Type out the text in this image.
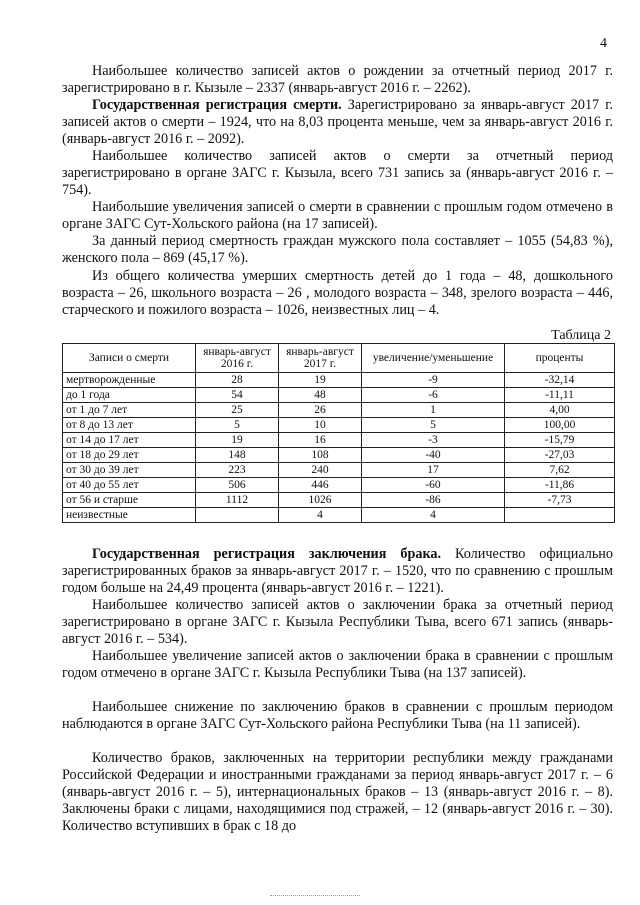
4

Наибольшее количество записей актов о рождении за отчетный период 2017 г. зарегистрировано в г. Кызыле – 2337 (январь-август 2016 г. – 2262).

Государственная регистрация смерти. Зарегистрировано за январь-август 2017 г. записей актов о смерти – 1924, что на 8,03 процента меньше, чем за январь-август 2016 г. (январь-август 2016 г. – 2092).

Наибольшее количество записей актов о смерти за отчетный период зарегистрировано в органе ЗАГС г. Кызыла, всего 731 запись за (январь-август 2016 г. – 754).

Наибольшие увеличения записей о смерти в сравнении с прошлым годом отмечено в органе ЗАГС Сут-Хольского района (на 17 записей).

За данный период смертность граждан мужского пола составляет – 1055 (54,83 %), женского пола – 869 (45,17 %).

Из общего количества умерших смертность детей до 1 года – 48, дошкольного возраста – 26, школьного возраста – 26 , молодого возраста – 348, зрелого возраста – 446, старческого и пожилого возраста – 1026, неизвестных лиц – 4.

Таблица 2
Записи о смерти	январь-август 2016 г.	январь-август 2017 г.	увеличение/уменьшение	проценты
мертворожденные	28	19	-9	-32,14
до 1 года	54	48	-6	-11,11
от 1 до 7 лет	25	26	1	4,00
от 8 до 13 лет	5	10	5	100,00
от 14 до 17 лет	19	16	-3	-15,79
от 18 до 29 лет	148	108	-40	-27,03
от 30 до 39 лет	223	240	17	7,62
от 40 до 55 лет	506	446	-60	-11,86
от 56 и старше	1112	1026	-86	-7,73
неизвестные		4	4	

Государственная регистрация заключения брака. Количество официально зарегистрированных браков за январь-август 2017 г. – 1520, что по сравнению с прошлым годом больше на 24,49 процента (январь-август 2016 г. – 1221).

Наибольшее количество записей актов о заключении брака за отчетный период зарегистрировано в органе ЗАГС г. Кызыла Республики Тыва, всего 671 запись (январь-август 2016 г. – 534).

Наибольшее увеличение записей актов о заключении брака в сравнении с прошлым годом отмечено в органе ЗАГС г. Кызыла Республики Тыва (на 137 записей).

Наибольшее снижение по заключению браков в сравнении с прошлым периодом наблюдаются в органе ЗАГС Сут-Хольского района Республики Тыва (на 11 записей).

Количество браков, заключенных на территории республики между гражданами Российской Федерации и иностранными гражданами за период январь-август 2017 г. – 6 (январь-август 2016 г. – 5), интернациональных браков – 13 (январь-август 2016 г. – 8). Заключены браки с лицами, находящимися под стражей, – 12 (январь-август 2016 г. – 30). Количество вступивших в брак с 18 до
